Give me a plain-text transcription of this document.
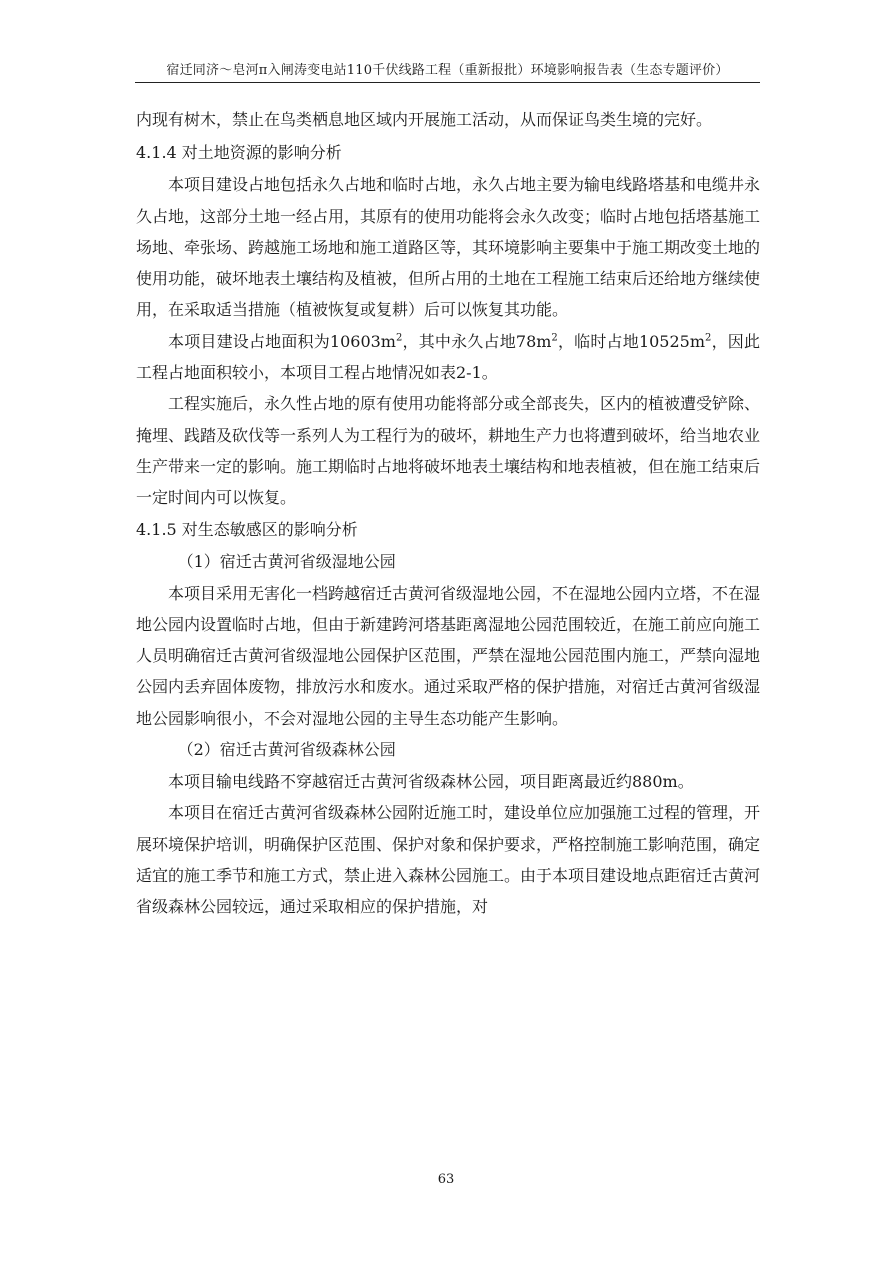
宿迁同济～皂河π入闸涛变电站110千伏线路工程（重新报批）环境影响报告表（生态专题评价）

内现有树木，禁止在鸟类栖息地区域内开展施工活动，从而保证鸟类生境的完好。

4.1.4 对土地资源的影响分析

本项目建设占地包括永久占地和临时占地，永久占地主要为输电线路塔基和电缆井永久占地，这部分土地一经占用，其原有的使用功能将会永久改变；临时占地包括塔基施工场地、牵张场、跨越施工场地和施工道路区等，其环境影响主要集中于施工期改变土地的使用功能，破坏地表土壤结构及植被，但所占用的土地在工程施工结束后还给地方继续使用，在采取适当措施（植被恢复或复耕）后可以恢复其功能。

本项目建设占地面积为$10603m^2$，其中永久占地$78m^2$，临时占地$10525m^2$，因此工程占地面积较小，本项目工程占地情况如表2-1。

工程实施后，永久性占地的原有使用功能将部分或全部丧失，区内的植被遭受铲除、掩埋、践踏及砍伐等一系列人为工程行为的破坏，耕地生产力也将遭到破坏，给当地农业生产带来一定的影响。施工期临时占地将破坏地表土壤结构和地表植被，但在施工结束后一定时间内可以恢复。

4.1.5 对生态敏感区的影响分析

（1）宿迁古黄河省级湿地公园

本项目采用无害化一档跨越宿迁古黄河省级湿地公园，不在湿地公园内立塔，不在湿地公园内设置临时占地，但由于新建跨河塔基距离湿地公园范围较近，在施工前应向施工人员明确宿迁古黄河省级湿地公园保护区范围，严禁在湿地公园范围内施工，严禁向湿地公园内丢弃固体废物，排放污水和废水。通过采取严格的保护措施，对宿迁古黄河省级湿地公园影响很小，不会对湿地公园的主导生态功能产生影响。

（2）宿迁古黄河省级森林公园

本项目输电线路不穿越宿迁古黄河省级森林公园，项目距离最近约880m。

本项目在宿迁古黄河省级森林公园附近施工时，建设单位应加强施工过程的管理，开展环境保护培训，明确保护区范围、保护对象和保护要求，严格控制施工影响范围，确定适宜的施工季节和施工方式，禁止进入森林公园施工。由于本项目建设地点距宿迁古黄河省级森林公园较远，通过采取相应的保护措施，对

63
